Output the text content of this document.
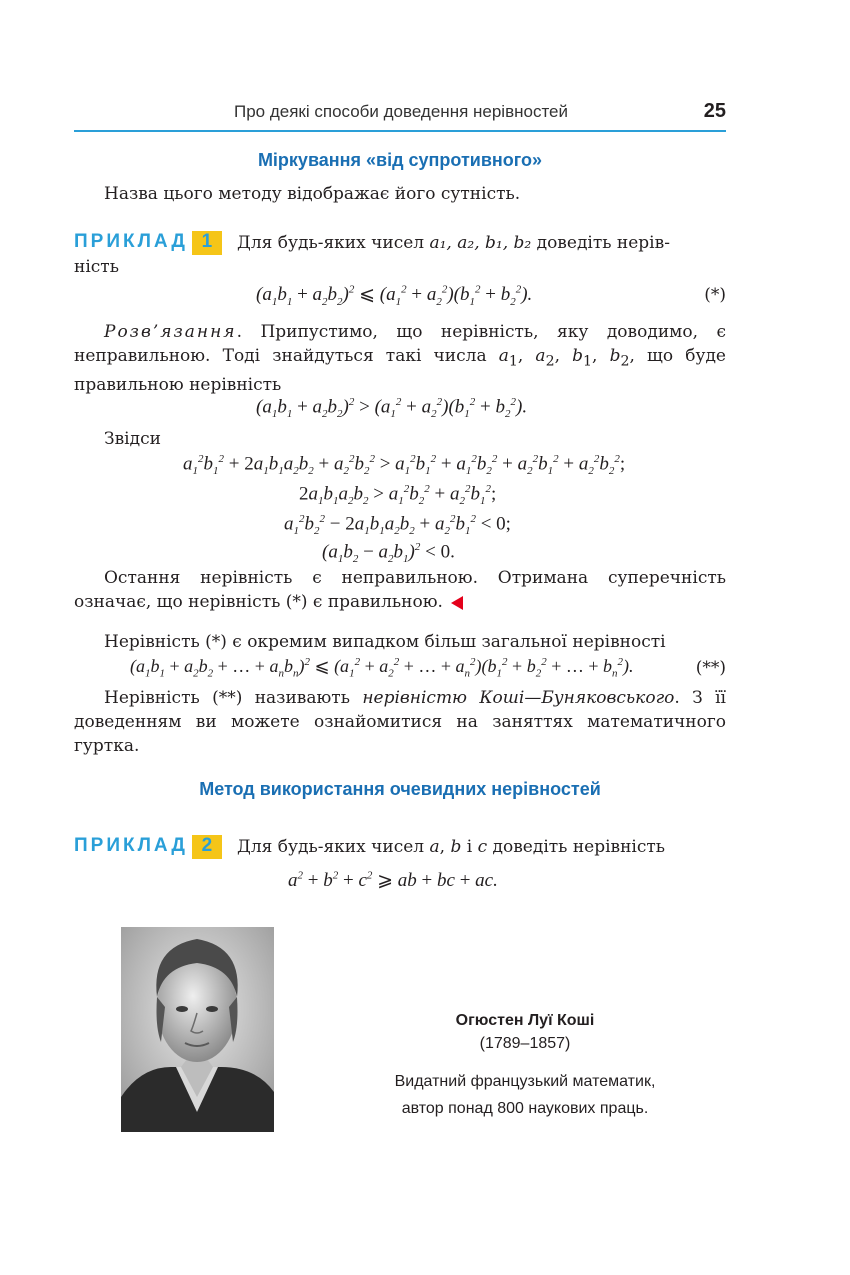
Про деякі способи доведення нерівностей	25
Міркування «від супротивного»
Назва цього методу відображає його сутність.
ПРИКЛАД 1	Для будь-яких чисел a₁, a₂, b₁, b₂ доведіть нерів-
ність
$(a_1b_1 + a_2b_2)^2$ ⩽ $(a_1^2 + a_2^2)(b_1^2 + b_2^2)$.	(*)
Розв’язання. Припустимо, що нерівність, яку доводимо, є неправильною. Тоді знайдуться такі числа $a_1$, $a_2$, $b_1$, $b_2$, що буде правильною нерівність
$(a_1b_1 + a_2b_2)^2 > (a_1^2 + a_2^2)(b_1^2 + b_2^2)$.
Звідси
$a_1^2b_1^2 + 2a_1b_1a_2b_2 + a_2^2b_2^2 > a_1^2b_1^2 + a_1^2b_2^2 + a_2^2b_1^2 + a_2^2b_2^2$;
$2a_1b_1a_2b_2 > a_1^2b_2^2 + a_2^2b_1^2$;
$a_1^2b_2^2 - 2a_1b_1a_2b_2 + a_2^2b_1^2 < 0$;
$(a_1b_2 - a_2b_1)^2 < 0$.
Остання нерівність є неправильною. Отримана суперечність означає, що нерівність (*) є правильною.
Нерівність (*) є окремим випадком більш загальної нерівності
($a_1b_1 + a_2b_2$ + … + $a_nb_n)^2$ ⩽ ($a_1^2 + a_2^2$ + … + $a_n^2)(b_1^2 + b_2^2$ + … + $b_n^2$).	(**)
Нерівність (**) називають нерівністю Коші—Буняковського. З її доведенням ви можете ознайомитися на заняттях математичного гуртка.
Метод використання очевидних нерівностей
ПРИКЛАД 2	Для будь-яких чисел a, b і c доведіть нерівність
$a^2 + b^2 + c^2$ ⩾ ab + bc + ac.
Огюстен Луї Коші
(1789–1857)
Видатний французький математик,
автор понад 800 наукових праць.
